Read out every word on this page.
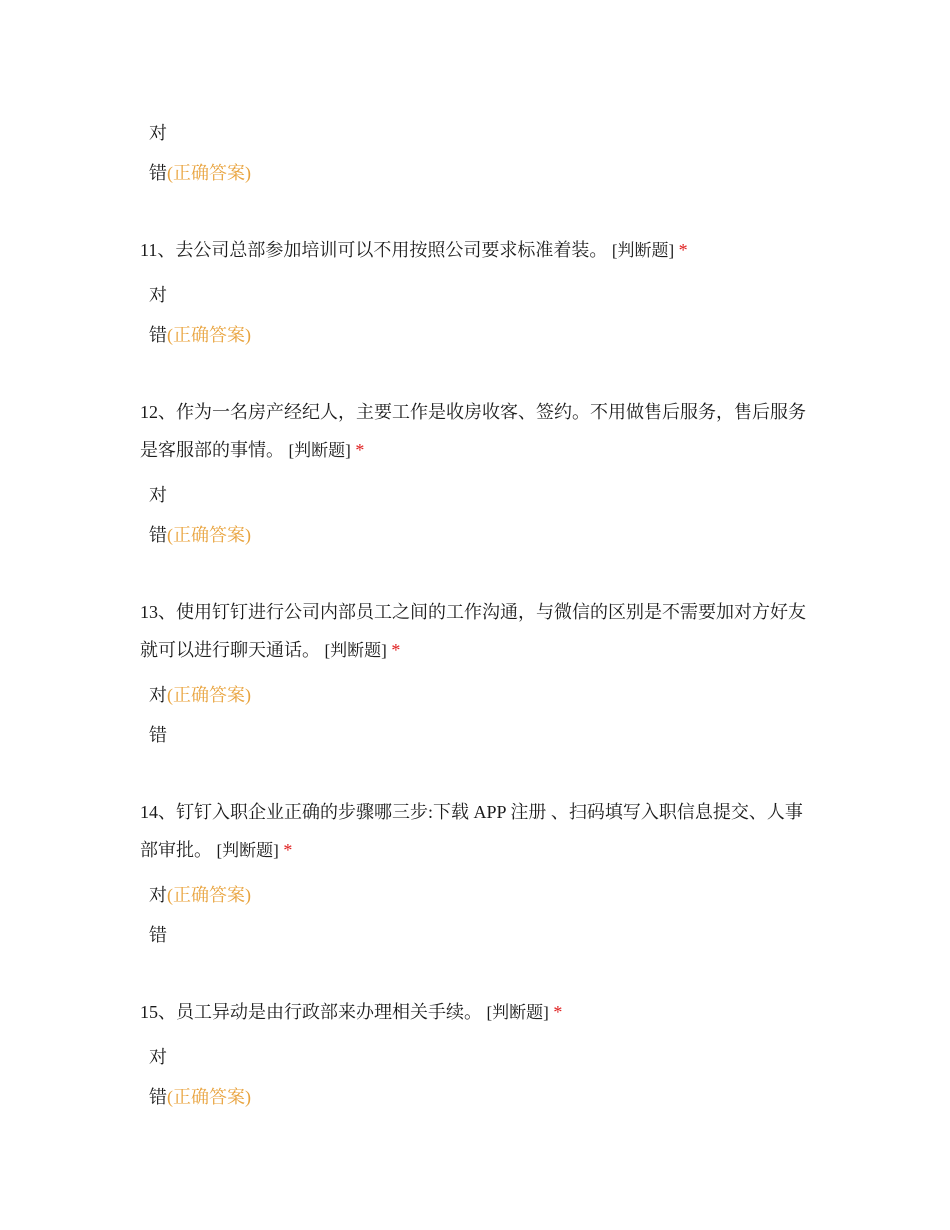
对
错(正确答案)

11、去公司总部参加培训可以不用按照公司要求标准着装。 [判断题] *

对
错(正确答案)

12、作为一名房产经纪人，主要工作是收房收客、签约。不用做售后服务，售后服务是客服部的事情。 [判断题] *

对
错(正确答案)

13、使用钉钉进行公司内部员工之间的工作沟通，与微信的区别是不需要加对方好友就可以进行聊天通话。 [判断题] *

对(正确答案)
错

14、钉钉入职企业正确的步骤哪三步:下载 APP 注册 、扫码填写入职信息提交、人事部审批。 [判断题] *

对(正确答案)
错

15、员工异动是由行政部来办理相关手续。 [判断题] *

对
错(正确答案)
